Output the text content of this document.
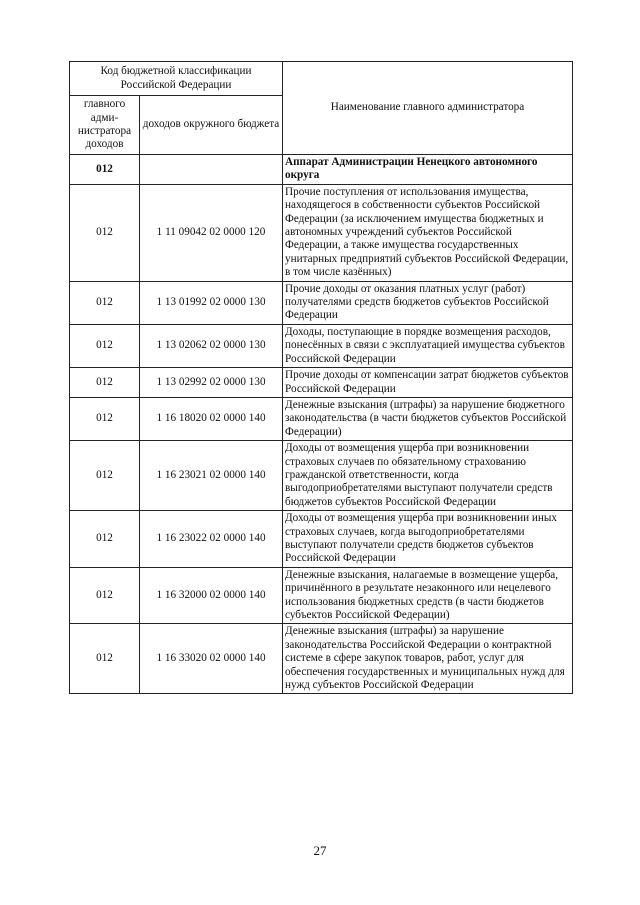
Код бюджетной классификации Российской Федерации		Наименование главного администратора
главного адми-нистратора доходов	доходов окружного бюджета	
012		Аппарат Администрации Ненецкого автономного округа
012	1 11 09042 02 0000 120	Прочие поступления от использования имущества, находящегося в собственности субъектов Российской Федерации (за исключением имущества бюджетных и автономных учреждений субъектов Российской Федерации, а также имущества государственных унитарных предприятий субъектов Российской Федерации, в том числе казённых)
012	1 13 01992 02 0000 130	Прочие доходы от оказания платных услуг (работ) получателями средств бюджетов субъектов Российской Федерации
012	1 13 02062 02 0000 130	Доходы, поступающие в порядке возмещения расходов, понесённых в связи с эксплуатацией имущества субъектов Российской Федерации
012	1 13 02992 02 0000 130	Прочие доходы от компенсации затрат бюджетов субъектов Российской Федерации
012	1 16 18020 02 0000 140	Денежные взыскания (штрафы) за нарушение бюджетного законодательства (в части бюджетов субъектов Российской Федерации)
012	1 16 23021 02 0000 140	Доходы от возмещения ущерба при возникновении страховых случаев по обязательному страхованию гражданской ответственности, когда выгодоприобретателями выступают получатели средств бюджетов субъектов Российской Федерации
012	1 16 23022 02 0000 140	Доходы от возмещения ущерба при возникновении иных страховых случаев, когда выгодоприобретателями выступают получатели средств бюджетов субъектов Российской Федерации
012	1 16 32000 02 0000 140	Денежные взыскания, налагаемые в возмещение ущерба, причинённого в результате незаконного или нецелевого использования бюджетных средств (в части бюджетов субъектов Российской Федерации)
012	1 16 33020 02 0000 140	Денежные взыскания (штрафы) за нарушение законодательства Российской Федерации о контрактной системе в сфере закупок товаров, работ, услуг для обеспечения государственных и муниципальных нужд для нужд субъектов Российской Федерации
27
